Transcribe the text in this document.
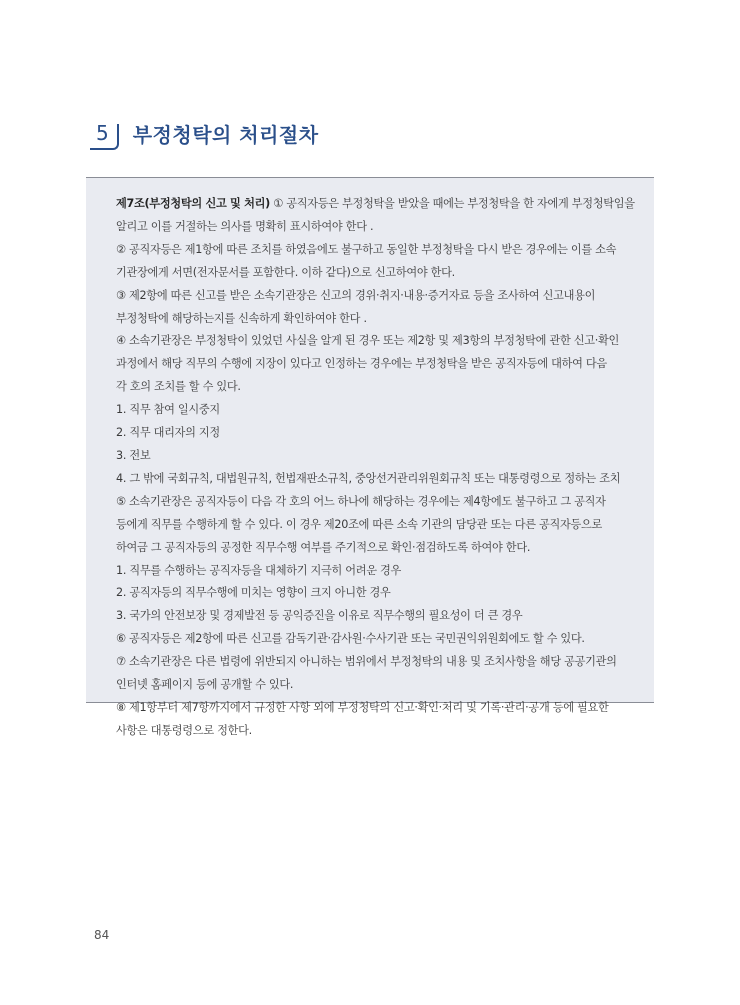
5	부정청탁의 처리절차
제7조(부정청탁의 신고 및 처리) ① 공직자등은 부정청탁을 받았을 때에는 부정청탁을 한 자에게 부정청탁임을
알리고 이를 거절하는 의사를 명확히 표시하여야 한다 .
② 공직자등은 제1항에 따른 조치를 하였음에도 불구하고 동일한 부정청탁을 다시 받은 경우에는 이를 소속
기관장에게 서면(전자문서를 포함한다. 이하 같다)으로 신고하여야 한다.
③ 제2항에 따른 신고를 받은 소속기관장은 신고의 경위·취지·내용·증거자료 등을 조사하여 신고내용이
부정청탁에 해당하는지를 신속하게 확인하여야 한다 .
④ 소속기관장은 부정청탁이 있었던 사실을 알게 된 경우 또는 제2항 및 제3항의 부정청탁에 관한 신고·확인
과정에서 해당 직무의 수행에 지장이 있다고 인정하는 경우에는 부정청탁을 받은 공직자등에 대하여 다음
각 호의 조치를 할 수 있다.
1. 직무 참여 일시중지
2. 직무 대리자의 지정
3. 전보
4. 그 밖에 국회규칙, 대법원규칙, 헌법재판소규칙, 중앙선거관리위원회규칙 또는 대통령령으로 정하는 조치
⑤ 소속기관장은 공직자등이 다음 각 호의 어느 하나에 해당하는 경우에는 제4항에도 불구하고 그 공직자
등에게 직무를 수행하게 할 수 있다. 이 경우 제20조에 따른 소속 기관의 담당관 또는 다른 공직자등으로
하여금 그 공직자등의 공정한 직무수행 여부를 주기적으로 확인·점검하도록 하여야 한다.
1. 직무를 수행하는 공직자등을 대체하기 지극히 어려운 경우
2. 공직자등의 직무수행에 미치는 영향이 크지 아니한 경우
3. 국가의 안전보장 및 경제발전 등 공익증진을 이유로 직무수행의 필요성이 더 큰 경우
⑥ 공직자등은 제2항에 따른 신고를 감독기관·감사원·수사기관 또는 국민권익위원회에도 할 수 있다.
⑦ 소속기관장은 다른 법령에 위반되지 아니하는 범위에서 부정청탁의 내용 및 조치사항을 해당 공공기관의
인터넷 홈페이지 등에 공개할 수 있다.
⑧ 제1항부터 제7항까지에서 규정한 사항 외에 부정청탁의 신고·확인·처리 및 기록·관리·공개 등에 필요한
사항은 대통령령으로 정한다.
84
